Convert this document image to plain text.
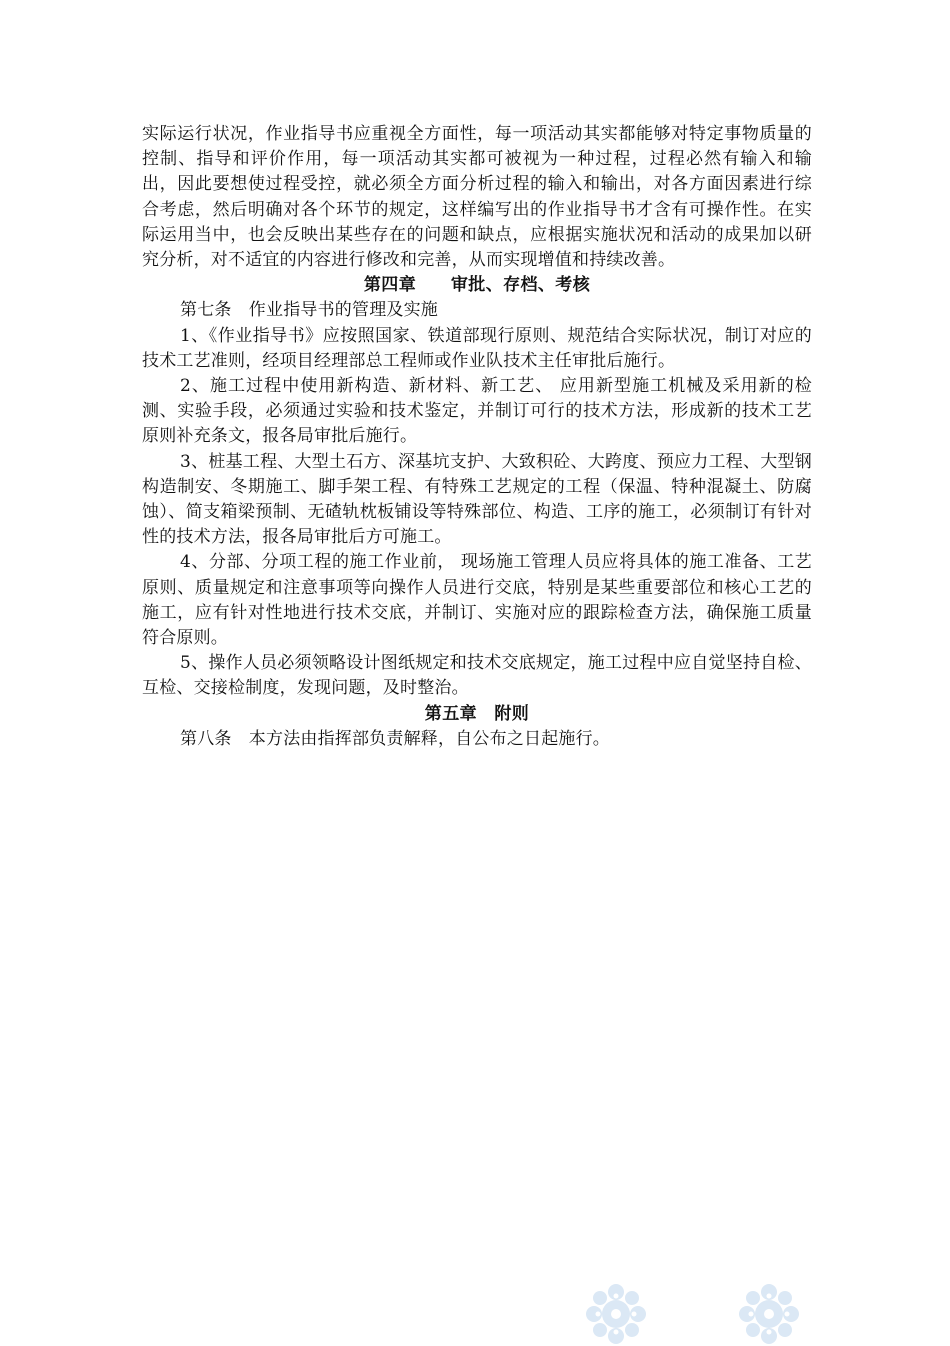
实际运行状况，作业指导书应重视全方面性，每一项活动其实都能够对特定事物质量的控制、指导和评价作用，每一项活动其实都可被视为一种过程，过程必然有输入和输出，因此要想使过程受控，就必须全方面分析过程的输入和输出，对各方面因素进行综合考虑，然后明确对各个环节的规定，这样编写出的作业指导书才含有可操作性。在实际运用当中，也会反映出某些存在的问题和缺点，应根据实施状况和活动的成果加以研究分析，对不适宜的内容进行修改和完善，从而实现增值和持续改善。

第四章　　审批、存档、考核

第七条　作业指导书的管理及实施

1、《作业指导书》应按照国家、铁道部现行原则、规范结合实际状况，制订对应的技术工艺准则，经项目经理部总工程师或作业队技术主任审批后施行。

2、施工过程中使用新构造、新材料、新工艺、 应用新型施工机械及采用新的检测、实验手段，必须通过实验和技术鉴定，并制订可行的技术方法，形成新的技术工艺原则补充条文，报各局审批后施行。

3、桩基工程、大型土石方、深基坑支护、大致积砼、大跨度、预应力工程、大型钢构造制安、冬期施工、脚手架工程、有特殊工艺规定的工程（保温、特种混凝土、防腐蚀）、简支箱梁预制、无碴轨枕板铺设等特殊部位、构造、工序的施工，必须制订有针对性的技术方法，报各局审批后方可施工。

4、分部、分项工程的施工作业前， 现场施工管理人员应将具体的施工准备、工艺原则、质量规定和注意事项等向操作人员进行交底，特别是某些重要部位和核心工艺的施工，应有针对性地进行技术交底，并制订、实施对应的跟踪检查方法，确保施工质量符合原则。

5、操作人员必须领略设计图纸规定和技术交底规定，施工过程中应自觉坚持自检、互检、交接检制度，发现问题，及时整治。

第五章　附则

第八条　本方法由指挥部负责解释，自公布之日起施行。
